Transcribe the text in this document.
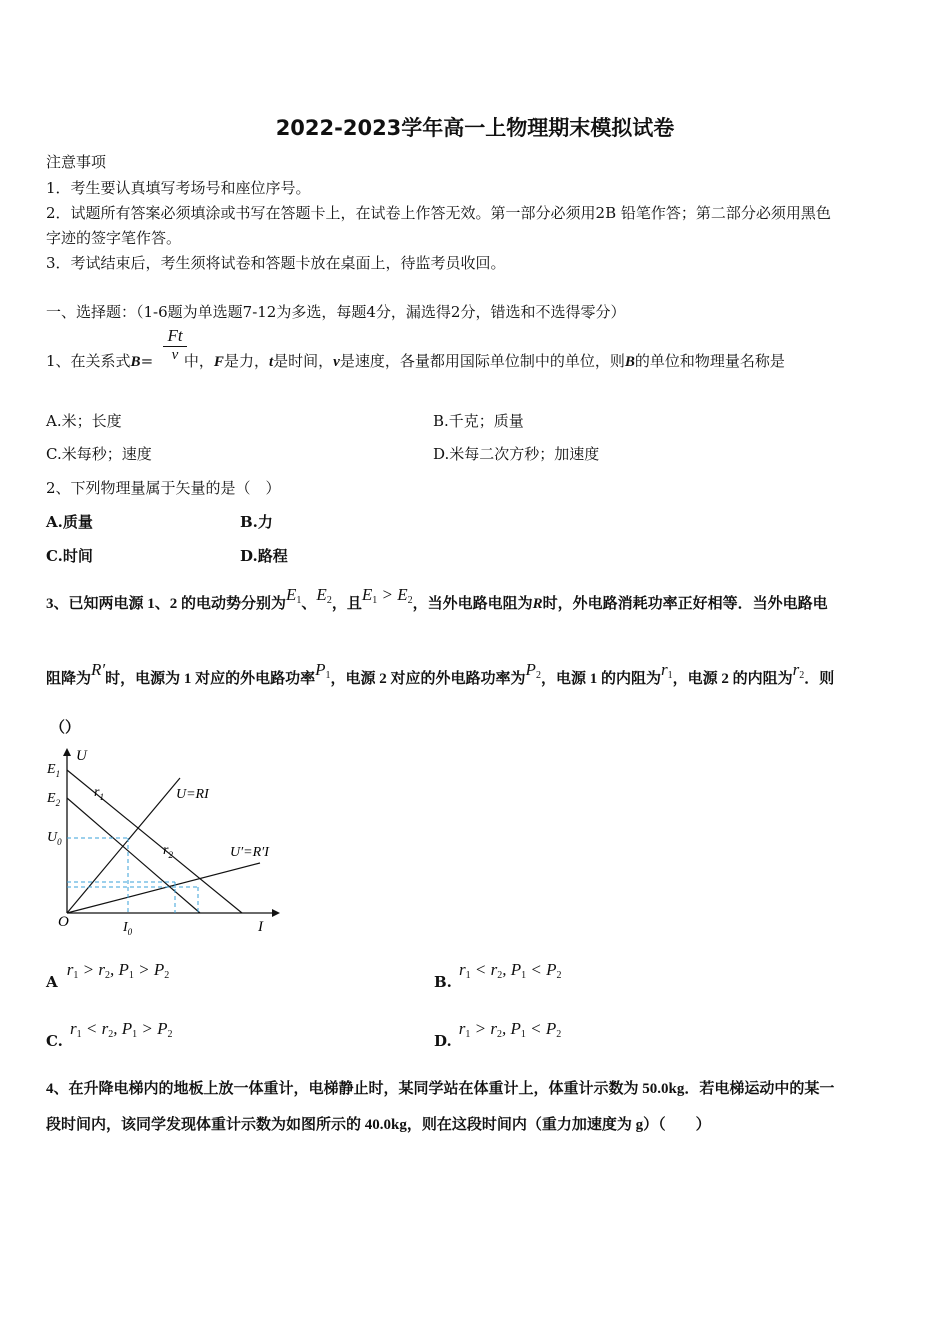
2022-2023学年高一上物理期末模拟试卷
注意事项
1．考生要认真填写考场号和座位序号。
2．试题所有答案必须填涂或书写在答题卡上，在试卷上作答无效。第一部分必须用2B 铅笔作答；第二部分必须用黑色
字迹的签字笔作答。
3．考试结束后，考生须将试卷和答题卡放在桌面上，待监考员收回。
一、选择题：（1-6题为单选题7-12为多选，每题4分，漏选得2分，错选和不选得零分）
1、在关系式B= 中，F是力，t是时间，v是速度，各量都用国际单位制中的单位，则B的单位和物理量名称是
$\frac{Ft}{v}$
A.米；长度	B.千克；质量
C.米每秒；速度	D.米每二次方秒；加速度
2、下列物理量属于矢量的是（　）
A.质量	B.力
C.时间	D.路程
3、已知两电源 1、2 的电动势分别为$E_1$、$E_2$，且$E_1 > E_2$，当外电路电阻为R时，外电路消耗功率正好相等．当外电路电
阻降为R′时，电源为 1 对应的外电路功率$P_1$，电源 2 对应的外电路功率为$P_2$，电源 1 的内阻为$r_1$，电源 2 的内阻为$r_2$．则
（）
U
I
O
$E_1$
$E_2$
$U_0$
$I_0$
$r_1$
$r_2$
U=RI
U′=R′I
A $r_1 > r_2$, $P_1 > P_2$	B. $r_1 < r_2$, $P_1 < P_2$
C. $r_1 < r_2$, $P_1 > P_2$	D. $r_1 > r_2$, $P_1 < P_2$
4、在升降电梯内的地板上放一体重计，电梯静止时，某同学站在体重计上，体重计示数为 50.0kg．若电梯运动中的某一
段时间内，该同学发现体重计示数为如图所示的 40.0kg，则在这段时间内（重力加速度为 g）（　　）
